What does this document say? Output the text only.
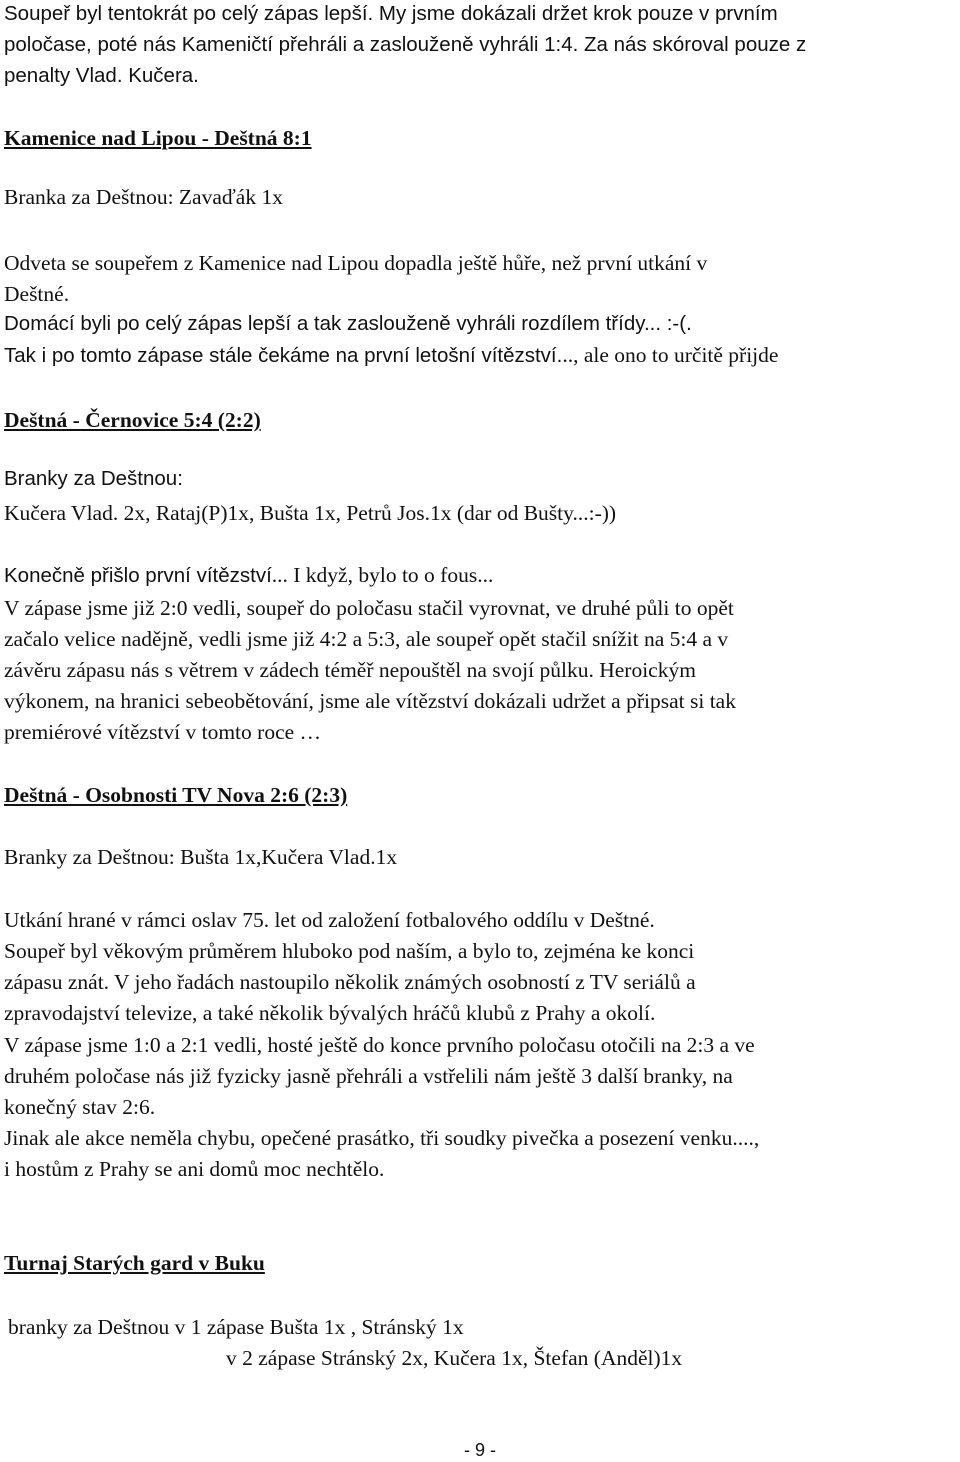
Soupeř byl tentokrát po celý zápas lepší. My jsme dokázali držet krok pouze v prvním
poločase, poté nás Kameničtí přehráli a zaslouženě vyhráli 1:4. Za nás skóroval pouze z
penalty Vlad. Kučera.
Kamenice nad Lipou - Deštná 8:1
Branka za Deštnou: Zavaďák 1x
Odveta se soupeřem z Kamenice nad Lipou dopadla ještě hůře, než první utkání v
Deštné.
Domácí byli po celý zápas lepší a tak zaslouženě vyhráli rozdílem třídy... :-(.
Tak i po tomto zápase stále čekáme na první letošní vítězství..., ale ono to určitě přijde
Deštná - Černovice 5:4 (2:2)
Branky za Deštnou:
Kučera Vlad. 2x, Rataj(P)1x, Bušta 1x, Petrů Jos.1x (dar od Bušty...:-))
Konečně přišlo první vítězství... I když, bylo to o fous...
V zápase jsme již 2:0 vedli, soupeř do poločasu stačil vyrovnat, ve druhé půli to opět
začalo velice nadějně, vedli jsme již 4:2 a 5:3, ale soupeř opět stačil snížit na 5:4 a v
závěru zápasu nás s větrem v zádech téměř nepouštěl na svojí půlku. Heroickým
výkonem, na hranici sebeobětování, jsme ale vítězství dokázali udržet a připsat si tak
premiérové vítězství v tomto roce …
Deštná - Osobnosti TV Nova 2:6 (2:3)
Branky za Deštnou: Bušta 1x,Kučera Vlad.1x
Utkání hrané v rámci oslav 75. let od založení fotbalového oddílu v Deštné.
Soupeř byl věkovým průměrem hluboko pod naším, a bylo to, zejména ke konci
zápasu znát. V jeho řadách nastoupilo několik známých osobností z TV seriálů a
zpravodajství televize, a také několik bývalých hráčů klubů z Prahy a okolí.
V zápase jsme 1:0 a 2:1 vedli, hosté ještě do konce prvního poločasu otočili na 2:3 a ve
druhém poločase nás již fyzicky jasně přehráli a vstřelili nám ještě 3 další branky, na
konečný stav 2:6.
Jinak ale akce neměla chybu, opečené prasátko, tři soudky pivečka a posezení venku....,
i hostům z Prahy se ani domů moc nechtělo.
Turnaj Starých gard v Buku
branky za Deštnou v 1 zápase Bušta 1x , Stránský 1x
v 2 zápase Stránský 2x, Kučera 1x, Štefan (Anděl)1x
- 9 -
